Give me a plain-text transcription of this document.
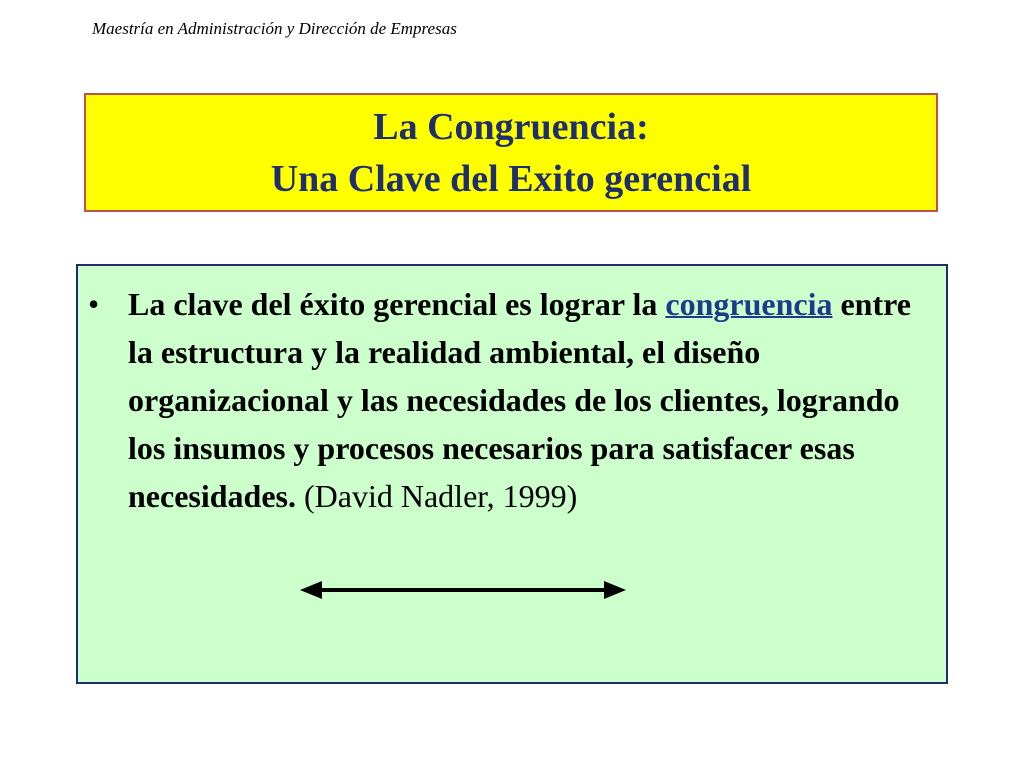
Maestría en Administración y Dirección de Empresas
La Congruencia:
Una Clave del Exito gerencial
• La clave del éxito gerencial es lograr la congruencia entre la estructura y la realidad ambiental, el diseño organizacional y las necesidades de los clientes, logrando los insumos y procesos necesarios para satisfacer esas necesidades. (David Nadler, 1999)
